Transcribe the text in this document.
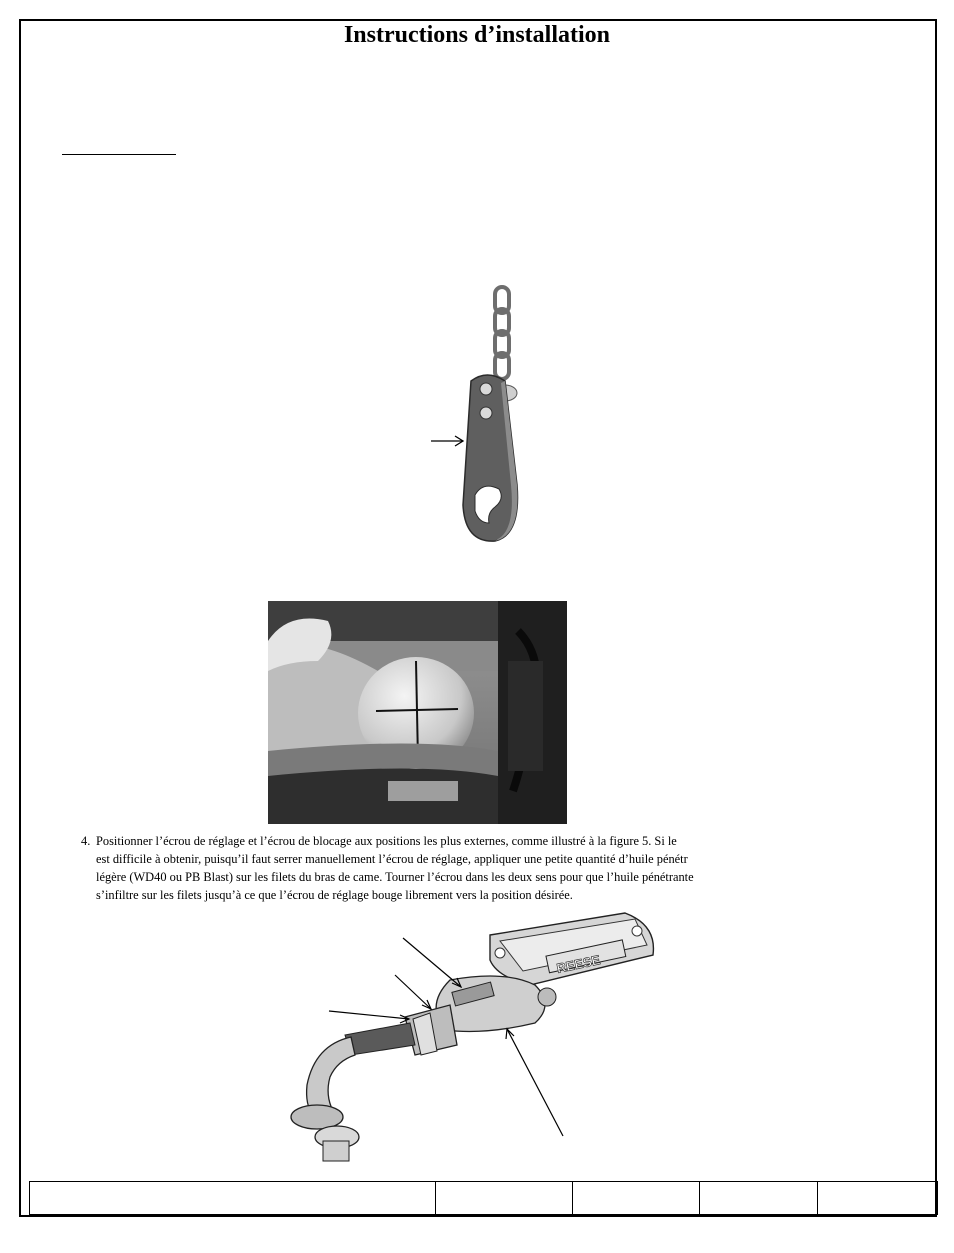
Instructions d’installation
4. Positionner l’écrou de réglage et l’écrou de blocage aux positions les plus externes, comme illustré à la figure 5. Si le
est difficile à obtenir, puisqu’il faut serrer manuellement l’écrou de réglage, appliquer une petite quantité d’huile pénétr
légère (WD40 ou PB Blast) sur les filets du bras de came. Tourner l’écrou dans les deux sens pour que l’huile pénétrante
s’infiltre sur les filets jusqu’à ce que l’écrou de réglage bouge librement vers la position désirée.
REESE
